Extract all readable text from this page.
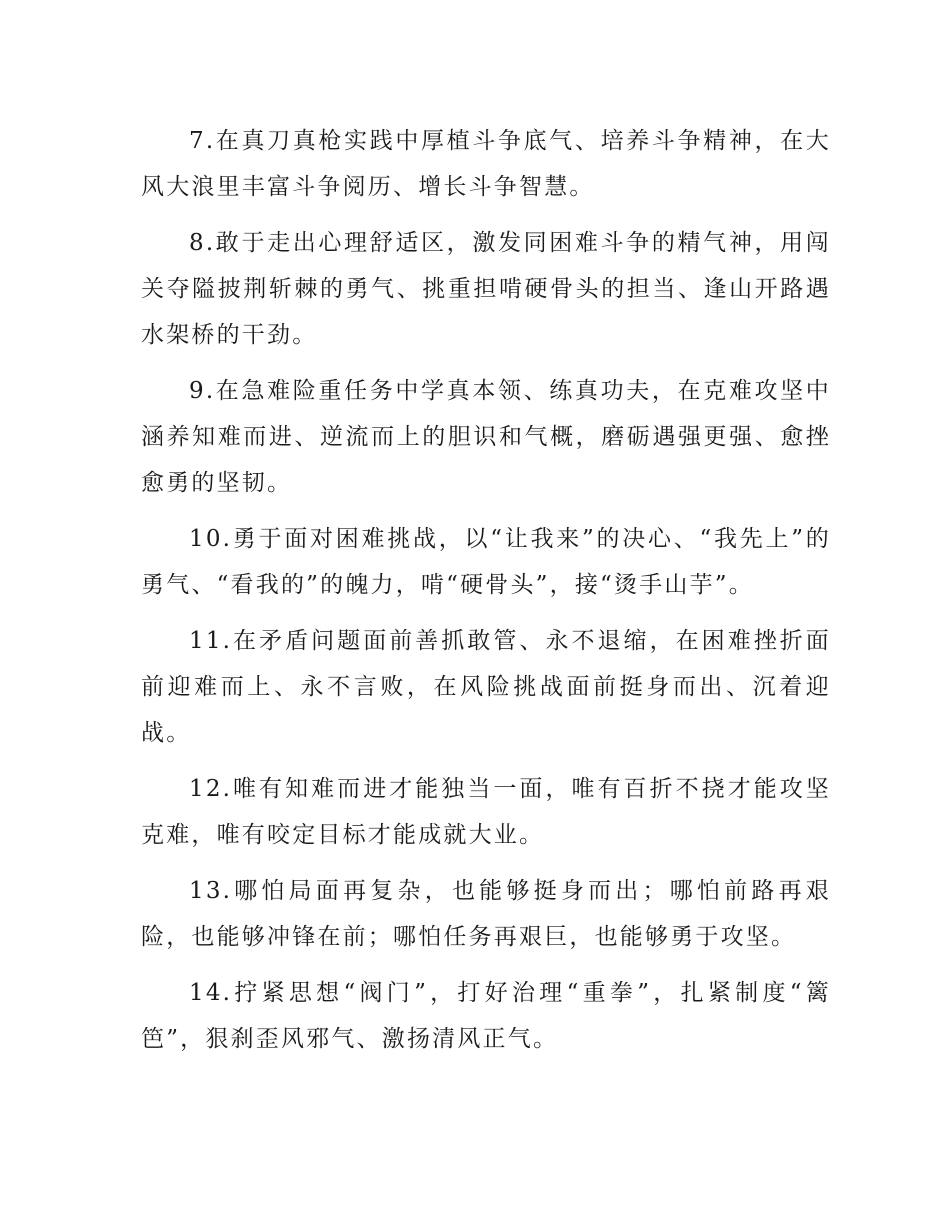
7.在真刀真枪实践中厚植斗争底气、培养斗争精神，在大风大浪里丰富斗争阅历、增长斗争智慧。

8.敢于走出心理舒适区，激发同困难斗争的精气神，用闯关夺隘披荆斩棘的勇气、挑重担啃硬骨头的担当、逢山开路遇水架桥的干劲。

9.在急难险重任务中学真本领、练真功夫，在克难攻坚中涵养知难而进、逆流而上的胆识和气概，磨砺遇强更强、愈挫愈勇的坚韧。

10.勇于面对困难挑战，以“让我来”的决心、“我先上”的勇气、“看我的”的魄力，啃“硬骨头”，接“烫手山芋”。

11.在矛盾问题面前善抓敢管、永不退缩，在困难挫折面前迎难而上、永不言败，在风险挑战面前挺身而出、沉着迎战。

12.唯有知难而进才能独当一面，唯有百折不挠才能攻坚克难，唯有咬定目标才能成就大业。

13.哪怕局面再复杂，也能够挺身而出；哪怕前路再艰险，也能够冲锋在前；哪怕任务再艰巨，也能够勇于攻坚。

14.拧紧思想“阀门”，打好治理“重拳”，扎紧制度“篱笆”，狠刹歪风邪气、激扬清风正气。
